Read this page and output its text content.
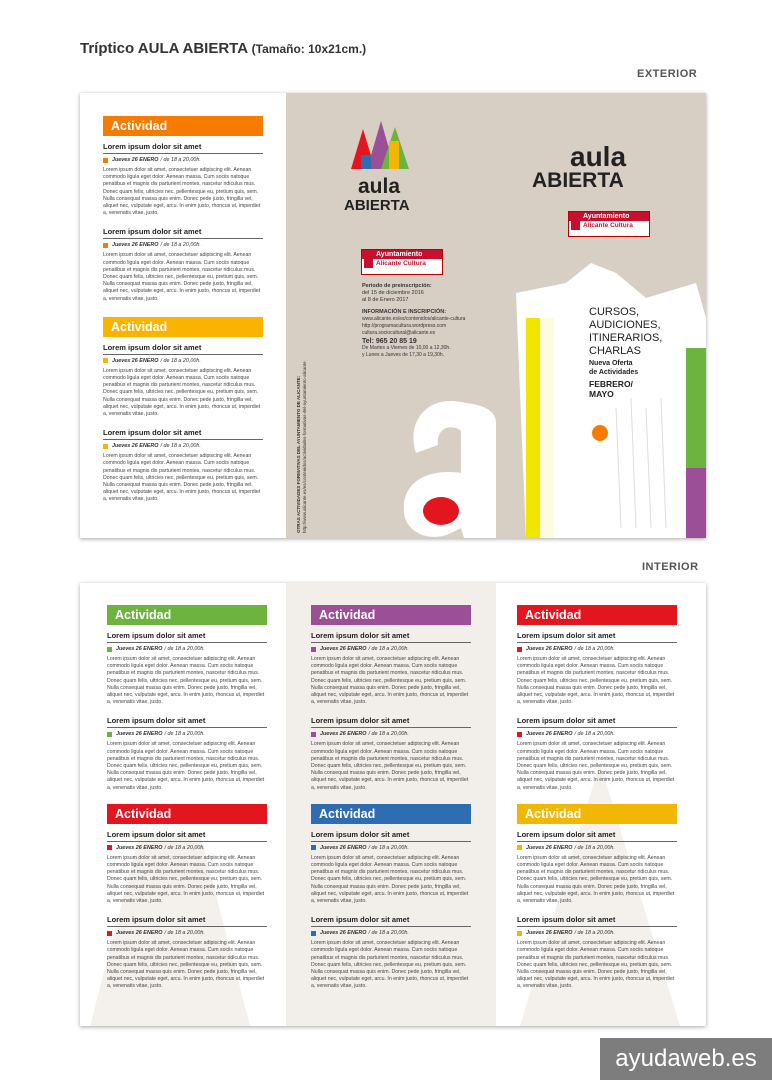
Tríptico AULA ABIERTA (Tamaño: 10x21cm.)
EXTERIOR
Actividad
Lorem ipsum dolor sit amet
Jueves 26 ENERO / de 18 a 20,00h.
Lorem ipsum dolor sit amet, consectetuer adipiscing elit. Aenean commodo ligula eget dolor. Aenean massa. Cum sociis natoque penatibus et magnis dis parturient montes, nascetur ridiculus mus. Donec quam felis, ultricies nec, pellentesque eu, pretium quis, sem. Nulla consequat massa quis enim. Donec pede justo, fringilla vel, aliquet nec, vulputate eget, arcu. In enim justo, rhoncus ut, imperdiet a, venenatis vitae, justo.
Lorem ipsum dolor sit amet
Jueves 26 ENERO / de 18 a 20,00h.
Lorem ipsum dolor sit amet, consectetuer adipiscing elit. Aenean commodo ligula eget dolor. Aenean massa. Cum sociis natoque penatibus et magnis dis parturient montes, nascetur ridiculus mus. Donec quam felis, ultricies nec, pellentesque eu, pretium quis, sem. Nulla consequat massa quis enim. Donec pede justo, fringilla vel, aliquet nec, vulputate eget, arcu. In enim justo, rhoncus ut, imperdiet a, venenatis vitae, justo.
Actividad
Lorem ipsum dolor sit amet
Jueves 26 ENERO / de 18 a 20,00h.
Lorem ipsum dolor sit amet, consectetuer adipiscing elit. Aenean commodo ligula eget dolor. Aenean massa. Cum sociis natoque penatibus et magnis dis parturient montes, nascetur ridiculus mus. Donec quam felis, ultricies nec, pellentesque eu, pretium quis, sem. Nulla consequat massa quis enim. Donec pede justo, fringilla vel, aliquet nec, vulputate eget, arcu. In enim justo, rhoncus ut, imperdiet a, venenatis vitae, justo.
Lorem ipsum dolor sit amet
Jueves 26 ENERO / de 18 a 20,00h.
Lorem ipsum dolor sit amet, consectetuer adipiscing elit. Aenean commodo ligula eget dolor. Aenean massa. Cum sociis natoque penatibus et magnis dis parturient montes, nascetur ridiculus mus. Donec quam felis, ultricies nec, pellentesque eu, pretium quis, sem. Nulla consequat massa quis enim. Donec pede justo, fringilla vel, aliquet nec, vulputate eget, arcu. In enim justo, rhoncus ut, imperdiet a, venenatis vitae, justo.
aula
ABIERTA
Ayuntamiento
Alicante Cultura
Periodo de preinscripción:
del 15 de diciembre 2016
al 8 de Enero 2017
INFORMACIÓN E INSCRIPCIÓN:
www.alicante.es/es/contenidos/alicante-cultura
http://programacultura.wordpress.com
cultura.sociocultural@alicante.es
Tel: 965 20 85 19
De Martes a Viernes de 10,00 a 12,30h.
y Lunes a Jueves de 17,30 a 19,30h.
OTRAS ACTIVIDADES FORMATIVAS DEL AYUNTAMIENTO DE ALICANTE: http://www.alicante.es/es/contenidos/actividades-formativas-del-ayuntamiento-alicante
aula
ABIERTA
Ayuntamiento
Alicante Cultura
CURSOS,
AUDICIONES,
ITINERARIOS,
CHARLAS
Nueva Oferta
de Actividades
FEBRERO/
MAYO
INTERIOR
Actividad
Lorem ipsum dolor sit amet
Jueves 26 ENERO / de 18 a 20,00h.
Lorem ipsum dolor sit amet, consectetuer adipiscing elit. Aenean commodo ligula eget dolor. Aenean massa. Cum sociis natoque penatibus et magnis dis parturient montes, nascetur ridiculus mus. Donec quam felis, ultricies nec, pellentesque eu, pretium quis, sem. Nulla consequat massa quis enim. Donec pede justo, fringilla vel, aliquet nec, vulputate eget, arcu. In enim justo, rhoncus ut, imperdiet a, venenatis vitae, justo.
Lorem ipsum dolor sit amet
Jueves 26 ENERO / de 18 a 20,00h.
Lorem ipsum dolor sit amet, consectetuer adipiscing elit. Aenean commodo ligula eget dolor. Aenean massa. Cum sociis natoque penatibus et magnis dis parturient montes, nascetur ridiculus mus. Donec quam felis, ultricies nec, pellentesque eu, pretium quis, sem. Nulla consequat massa quis enim. Donec pede justo, fringilla vel, aliquet nec, vulputate eget, arcu. In enim justo, rhoncus ut, imperdiet a, venenatis vitae, justo.
Actividad
Lorem ipsum dolor sit amet
Jueves 26 ENERO / de 18 a 20,00h.
Lorem ipsum dolor sit amet, consectetuer adipiscing elit. Aenean commodo ligula eget dolor. Aenean massa. Cum sociis natoque penatibus et magnis dis parturient montes, nascetur ridiculus mus. Donec quam felis, ultricies nec, pellentesque eu, pretium quis, sem. Nulla consequat massa quis enim. Donec pede justo, fringilla vel, aliquet nec, vulputate eget, arcu. In enim justo, rhoncus ut, imperdiet a, venenatis vitae, justo.
Lorem ipsum dolor sit amet
Jueves 26 ENERO / de 18 a 20,00h.
Lorem ipsum dolor sit amet, consectetuer adipiscing elit. Aenean commodo ligula eget dolor. Aenean massa. Cum sociis natoque penatibus et magnis dis parturient montes, nascetur ridiculus mus. Donec quam felis, ultricies nec, pellentesque eu, pretium quis, sem. Nulla consequat massa quis enim. Donec pede justo, fringilla vel, aliquet nec, vulputate eget, arcu. In enim justo, rhoncus ut, imperdiet a, venenatis vitae, justo.
Actividad
Lorem ipsum dolor sit amet
Jueves 26 ENERO / de 18 a 20,00h.
Lorem ipsum dolor sit amet, consectetuer adipiscing elit. Aenean commodo ligula eget dolor. Aenean massa. Cum sociis natoque penatibus et magnis dis parturient montes, nascetur ridiculus mus. Donec quam felis, ultricies nec, pellentesque eu, pretium quis, sem. Nulla consequat massa quis enim. Donec pede justo, fringilla vel, aliquet nec, vulputate eget, arcu. In enim justo, rhoncus ut, imperdiet a, venenatis vitae, justo.
Lorem ipsum dolor sit amet
Jueves 26 ENERO / de 18 a 20,00h.
Lorem ipsum dolor sit amet, consectetuer adipiscing elit. Aenean commodo ligula eget dolor. Aenean massa. Cum sociis natoque penatibus et magnis dis parturient montes, nascetur ridiculus mus. Donec quam felis, ultricies nec, pellentesque eu, pretium quis, sem. Nulla consequat massa quis enim. Donec pede justo, fringilla vel, aliquet nec, vulputate eget, arcu. In enim justo, rhoncus ut, imperdiet a, venenatis vitae, justo.
Actividad
Lorem ipsum dolor sit amet
Jueves 26 ENERO / de 18 a 20,00h.
Lorem ipsum dolor sit amet, consectetuer adipiscing elit. Aenean commodo ligula eget dolor. Aenean massa. Cum sociis natoque penatibus et magnis dis parturient montes, nascetur ridiculus mus. Donec quam felis, ultricies nec, pellentesque eu, pretium quis, sem. Nulla consequat massa quis enim. Donec pede justo, fringilla vel, aliquet nec, vulputate eget, arcu. In enim justo, rhoncus ut, imperdiet a, venenatis vitae, justo.
Lorem ipsum dolor sit amet
Jueves 26 ENERO / de 18 a 20,00h.
Lorem ipsum dolor sit amet, consectetuer adipiscing elit. Aenean commodo ligula eget dolor. Aenean massa. Cum sociis natoque penatibus et magnis dis parturient montes, nascetur ridiculus mus. Donec quam felis, ultricies nec, pellentesque eu, pretium quis, sem. Nulla consequat massa quis enim. Donec pede justo, fringilla vel, aliquet nec, vulputate eget, arcu. In enim justo, rhoncus ut, imperdiet a, venenatis vitae, justo.
Actividad
Lorem ipsum dolor sit amet
Jueves 26 ENERO / de 18 a 20,00h.
Lorem ipsum dolor sit amet, consectetuer adipiscing elit. Aenean commodo ligula eget dolor. Aenean massa. Cum sociis natoque penatibus et magnis dis parturient montes, nascetur ridiculus mus. Donec quam felis, ultricies nec, pellentesque eu, pretium quis, sem. Nulla consequat massa quis enim. Donec pede justo, fringilla vel, aliquet nec, vulputate eget, arcu. In enim justo, rhoncus ut, imperdiet a, venenatis vitae, justo.
Lorem ipsum dolor sit amet
Jueves 26 ENERO / de 18 a 20,00h.
Lorem ipsum dolor sit amet, consectetuer adipiscing elit. Aenean commodo ligula eget dolor. Aenean massa. Cum sociis natoque penatibus et magnis dis parturient montes, nascetur ridiculus mus. Donec quam felis, ultricies nec, pellentesque eu, pretium quis, sem. Nulla consequat massa quis enim. Donec pede justo, fringilla vel, aliquet nec, vulputate eget, arcu. In enim justo, rhoncus ut, imperdiet a, venenatis vitae, justo.
Actividad
Lorem ipsum dolor sit amet
Jueves 26 ENERO / de 18 a 20,00h.
Lorem ipsum dolor sit amet, consectetuer adipiscing elit. Aenean commodo ligula eget dolor. Aenean massa. Cum sociis natoque penatibus et magnis dis parturient montes, nascetur ridiculus mus. Donec quam felis, ultricies nec, pellentesque eu, pretium quis, sem. Nulla consequat massa quis enim. Donec pede justo, fringilla vel, aliquet nec, vulputate eget, arcu. In enim justo, rhoncus ut, imperdiet a, venenatis vitae, justo.
Lorem ipsum dolor sit amet
Jueves 26 ENERO / de 18 a 20,00h.
Lorem ipsum dolor sit amet, consectetuer adipiscing elit. Aenean commodo ligula eget dolor. Aenean massa. Cum sociis natoque penatibus et magnis dis parturient montes, nascetur ridiculus mus. Donec quam felis, ultricies nec, pellentesque eu, pretium quis, sem. Nulla consequat massa quis enim. Donec pede justo, fringilla vel, aliquet nec, vulputate eget, arcu. In enim justo, rhoncus ut, imperdiet a, venenatis vitae, justo.
ayudaweb.es
